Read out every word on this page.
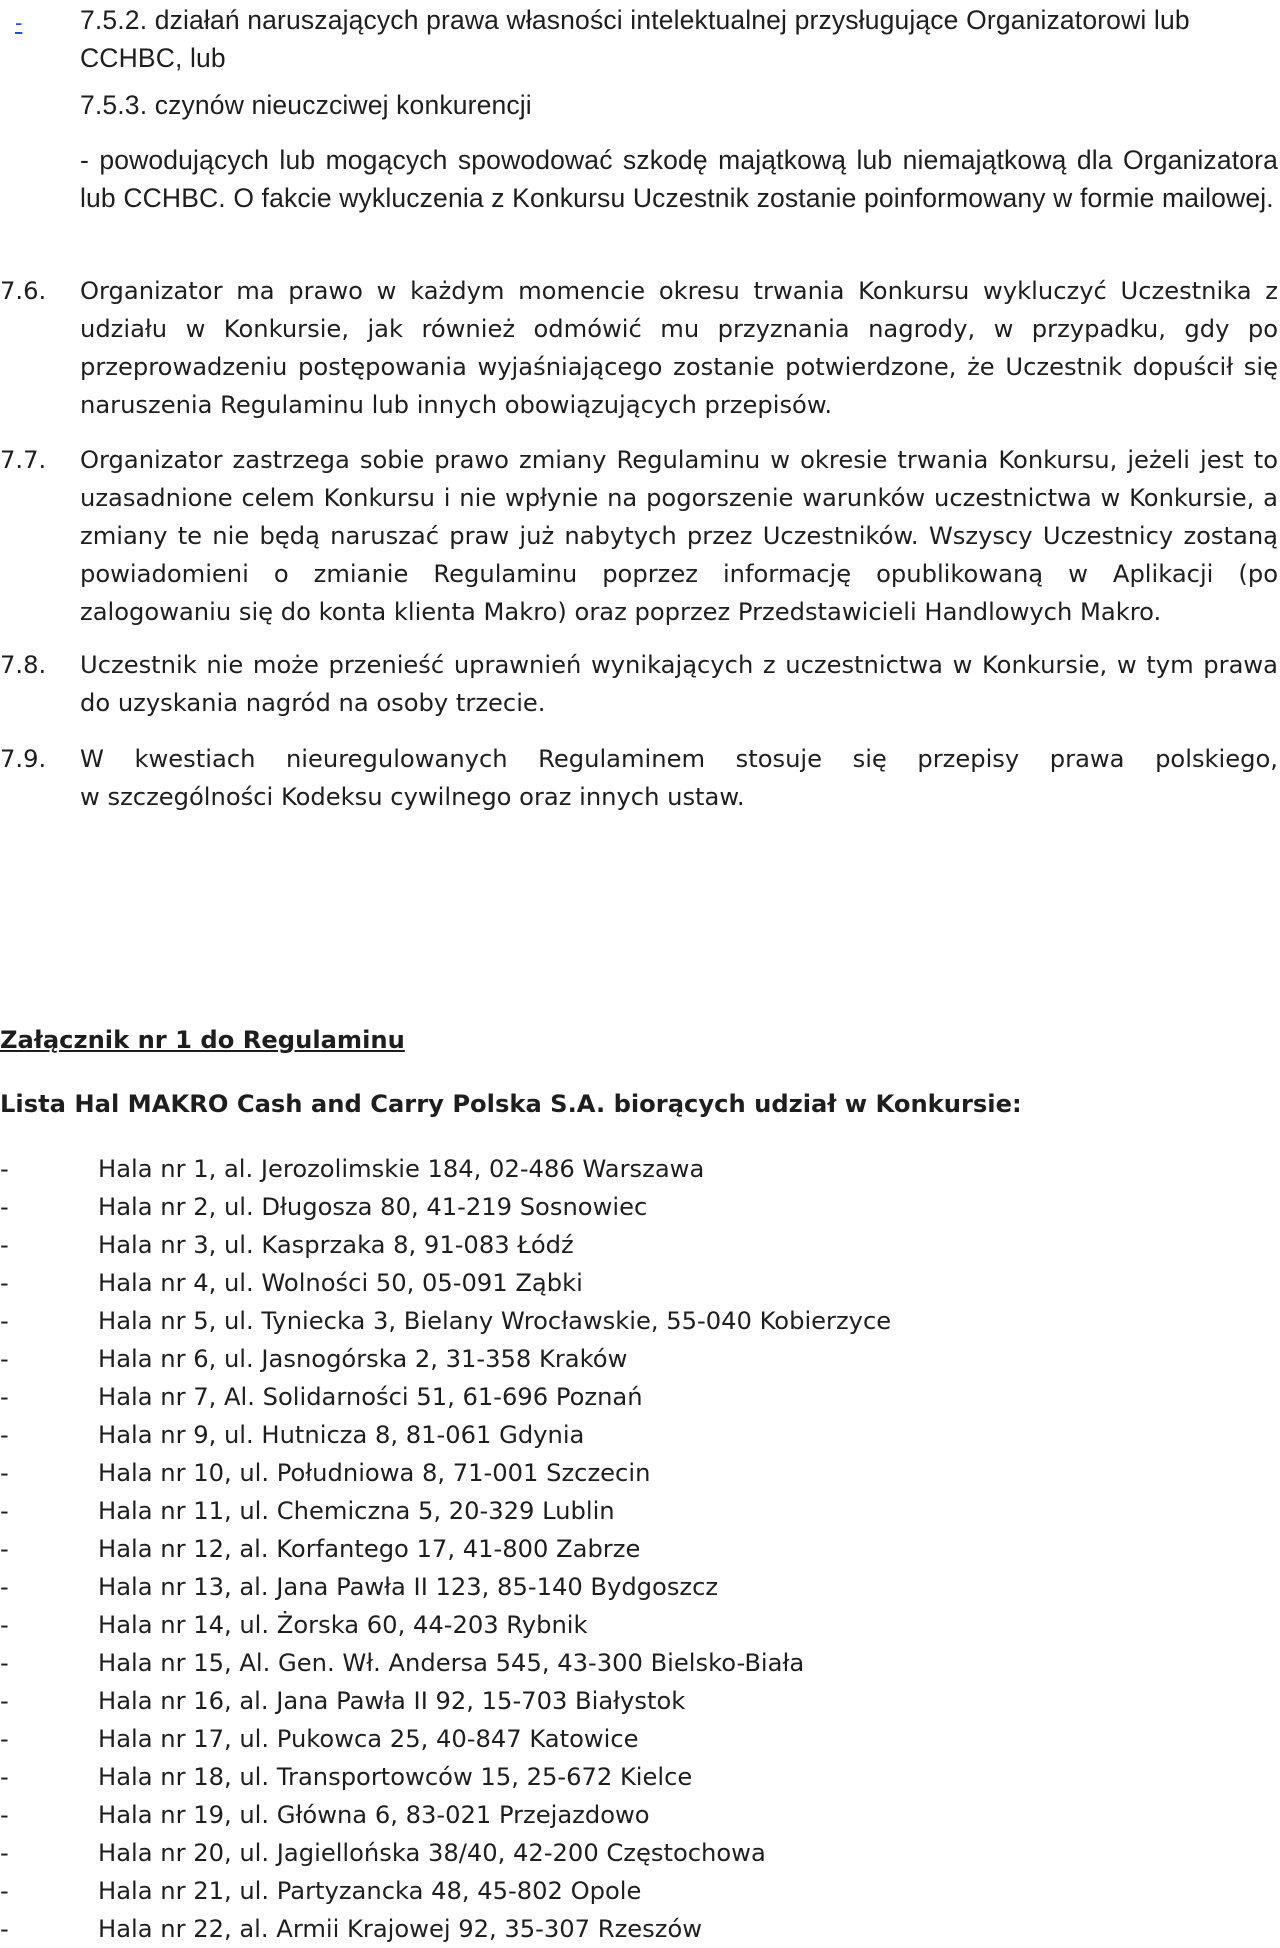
- 7.5.2. działań naruszających prawa własności intelektualnej przysługujące Organizatorowi lub CCHBC, lub
7.5.3. czynów nieuczciwej konkurencji
- powodujących lub mogących spowodować szkodę majątkową lub niemajątkową dla Organizatora lub CCHBC. O fakcie wykluczenia z Konkursu Uczestnik zostanie poinformowany w formie mailowej.
7.6.	Organizator ma prawo w każdym momencie okresu trwania Konkursu wykluczyć Uczestnika z udziału w Konkursie, jak również odmówić mu przyznania nagrody, w przypadku, gdy po przeprowadzeniu postępowania wyjaśniającego zostanie potwierdzone, że Uczestnik dopuścił się naruszenia Regulaminu lub innych obowiązujących przepisów.
7.7.	Organizator zastrzega sobie prawo zmiany Regulaminu w okresie trwania Konkursu, jeżeli jest to uzasadnione celem Konkursu i nie wpłynie na pogorszenie warunków uczestnictwa w Konkursie, a zmiany te nie będą naruszać praw już nabytych przez Uczestników. Wszyscy Uczestnicy zostaną powiadomieni o zmianie Regulaminu poprzez informację opublikowaną w Aplikacji (po zalogowaniu się do konta klienta Makro) oraz poprzez Przedstawicieli Handlowych Makro.
7.8.	Uczestnik nie może przenieść uprawnień wynikających z uczestnictwa w Konkursie, w tym prawa do uzyskania nagród na osoby trzecie.
7.9.	W kwestiach nieuregulowanych Regulaminem stosuje się przepisy prawa polskiego,
w szczególności Kodeksu cywilnego oraz innych ustaw.
Załącznik nr 1 do Regulaminu
Lista Hal MAKRO Cash and Carry Polska S.A. biorących udział w Konkursie:
-	Hala nr 1, al. Jerozolimskie 184, 02-486 Warszawa
-	Hala nr 2, ul. Długosza 80, 41-219 Sosnowiec
-	Hala nr 3, ul. Kasprzaka 8, 91-083 Łódź
-	Hala nr 4, ul. Wolności 50, 05-091 Ząbki
-	Hala nr 5, ul. Tyniecka 3, Bielany Wrocławskie, 55-040 Kobierzyce
-	Hala nr 6, ul. Jasnogórska 2, 31-358 Kraków
-	Hala nr 7, Al. Solidarności 51, 61-696 Poznań
-	Hala nr 9, ul. Hutnicza 8, 81-061 Gdynia
-	Hala nr 10, ul. Południowa 8, 71-001 Szczecin
-	Hala nr 11, ul. Chemiczna 5, 20-329 Lublin
-	Hala nr 12, al. Korfantego 17, 41-800 Zabrze
-	Hala nr 13, al. Jana Pawła II 123, 85-140 Bydgoszcz
-	Hala nr 14, ul. Żorska 60, 44-203 Rybnik
-	Hala nr 15, Al. Gen. Wł. Andersa 545, 43-300 Bielsko-Biała
-	Hala nr 16, al. Jana Pawła II 92, 15-703 Białystok
-	Hala nr 17, ul. Pukowca 25, 40-847 Katowice
-	Hala nr 18, ul. Transportowców 15, 25-672 Kielce
-	Hala nr 19, ul. Główna 6, 83-021 Przejazdowo
-	Hala nr 20, ul. Jagiellońska 38/40, 42-200 Częstochowa
-	Hala nr 21, ul. Partyzancka 48, 45-802 Opole
-	Hala nr 22, al. Armii Krajowej 92, 35-307 Rzeszów
